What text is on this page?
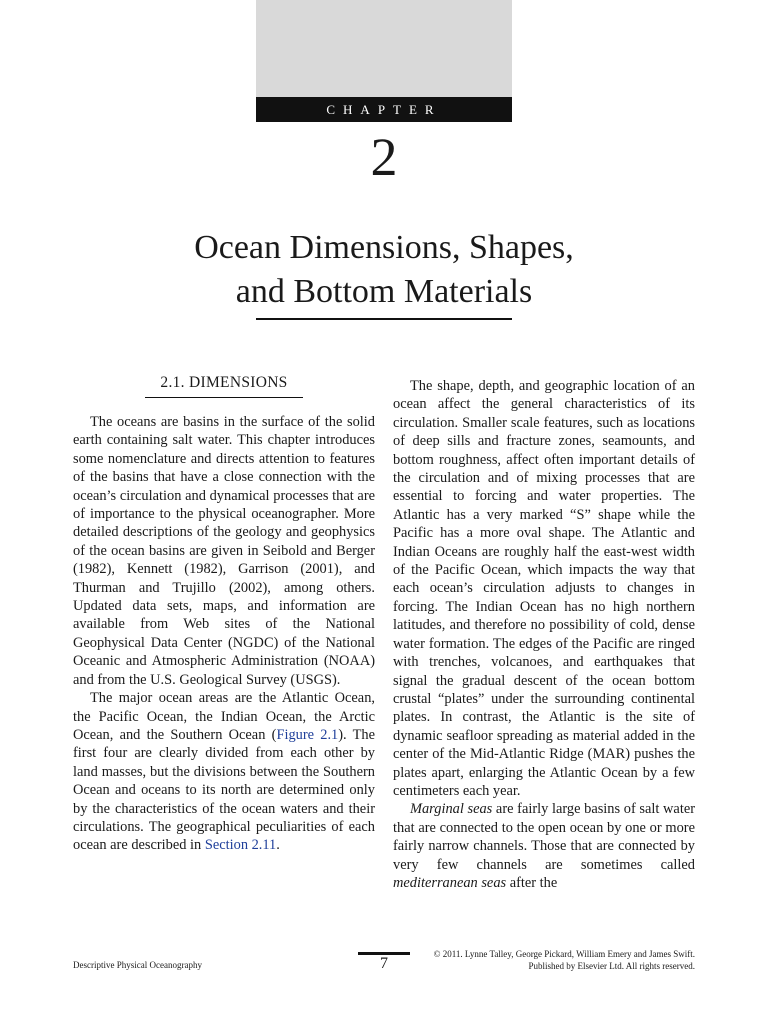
CHAPTER
2
Ocean Dimensions, Shapes,
and Bottom Materials
2.1. DIMENSIONS

The oceans are basins in the surface of the solid earth containing salt water. This chapter introduces some nomenclature and directs attention to features of the basins that have a close connection with the ocean’s circulation and dynamical processes that are of importance to the physical oceanographer. More detailed descriptions of the geology and geophysics of the ocean basins are given in Seibold and Berger (1982), Kennett (1982), Garrison (2001), and Thurman and Trujillo (2002), among others. Updated data sets, maps, and information are available from Web sites of the National Geophysical Data Center (NGDC) of the National Oceanic and Atmospheric Administration (NOAA) and from the U.S. Geological Survey (USGS).

The major ocean areas are the Atlantic Ocean, the Pacific Ocean, the Indian Ocean, the Arctic Ocean, and the Southern Ocean (Figure 2.1). The first four are clearly divided from each other by land masses, but the divisions between the Southern Ocean and oceans to its north are determined only by the characteristics of the ocean waters and their circulations. The geographical peculiarities of each ocean are described in Section 2.11.

The shape, depth, and geographic location of an ocean affect the general characteristics of its circulation. Smaller scale features, such as locations of deep sills and fracture zones, seamounts, and bottom roughness, affect often important details of the circulation and of mixing processes that are essential to forcing and water properties. The Atlantic has a very marked “S” shape while the Pacific has a more oval shape. The Atlantic and Indian Oceans are roughly half the east-west width of the Pacific Ocean, which impacts the way that each ocean’s circulation adjusts to changes in forcing. The Indian Ocean has no high northern latitudes, and therefore no possibility of cold, dense water formation. The edges of the Pacific are ringed with trenches, volcanoes, and earthquakes that signal the gradual descent of the ocean bottom crustal “plates” under the surrounding continental plates. In contrast, the Atlantic is the site of dynamic seafloor spreading as material added in the center of the Mid-Atlantic Ridge (MAR) pushes the plates apart, enlarging the Atlantic Ocean by a few centimeters each year.

Marginal seas are fairly large basins of salt water that are connected to the open ocean by one or more fairly narrow channels. Those that are connected by very few channels are sometimes called mediterranean seas after the

Descriptive Physical Oceanography	7
© 2011. Lynne Talley, George Pickard, William Emery and James Swift.
Published by Elsevier Ltd. All rights reserved.
